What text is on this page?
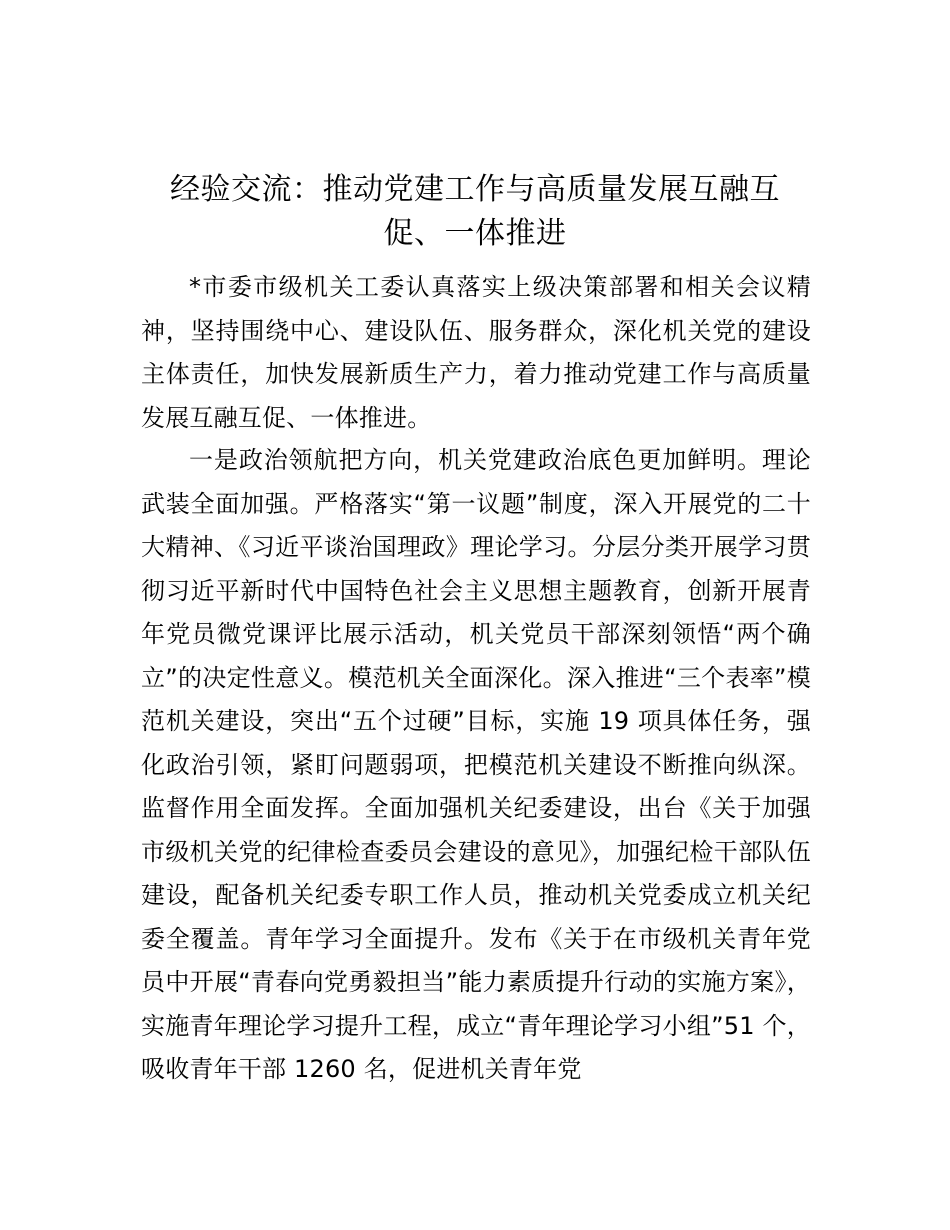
经验交流：推动党建工作与高质量发展互融互促、一体推进

*市委市级机关工委认真落实上级决策部署和相关会议精神，坚持围绕中心、建设队伍、服务群众，深化机关党的建设主体责任，加快发展新质生产力，着力推动党建工作与高质量发展互融互促、一体推进。

一是政治领航把方向，机关党建政治底色更加鲜明。理论武装全面加强。严格落实“第一议题”制度，深入开展党的二十大精神、《习近平谈治国理政》理论学习。分层分类开展学习贯彻习近平新时代中国特色社会主义思想主题教育，创新开展青年党员微党课评比展示活动，机关党员干部深刻领悟“两个确立”的决定性意义。模范机关全面深化。深入推进“三个表率”模范机关建设，突出“五个过硬”目标，实施 19 项具体任务，强化政治引领，紧盯问题弱项，把模范机关建设不断推向纵深。监督作用全面发挥。全面加强机关纪委建设，出台《关于加强市级机关党的纪律检查委员会建设的意见》，加强纪检干部队伍建设，配备机关纪委专职工作人员，推动机关党委成立机关纪委全覆盖。青年学习全面提升。发布《关于在市级机关青年党员中开展“青春向党勇毅担当”能力素质提升行动的实施方案》，实施青年理论学习提升工程，成立“青年理论学习小组”51 个，吸收青年干部 1260 名，促进机关青年党
